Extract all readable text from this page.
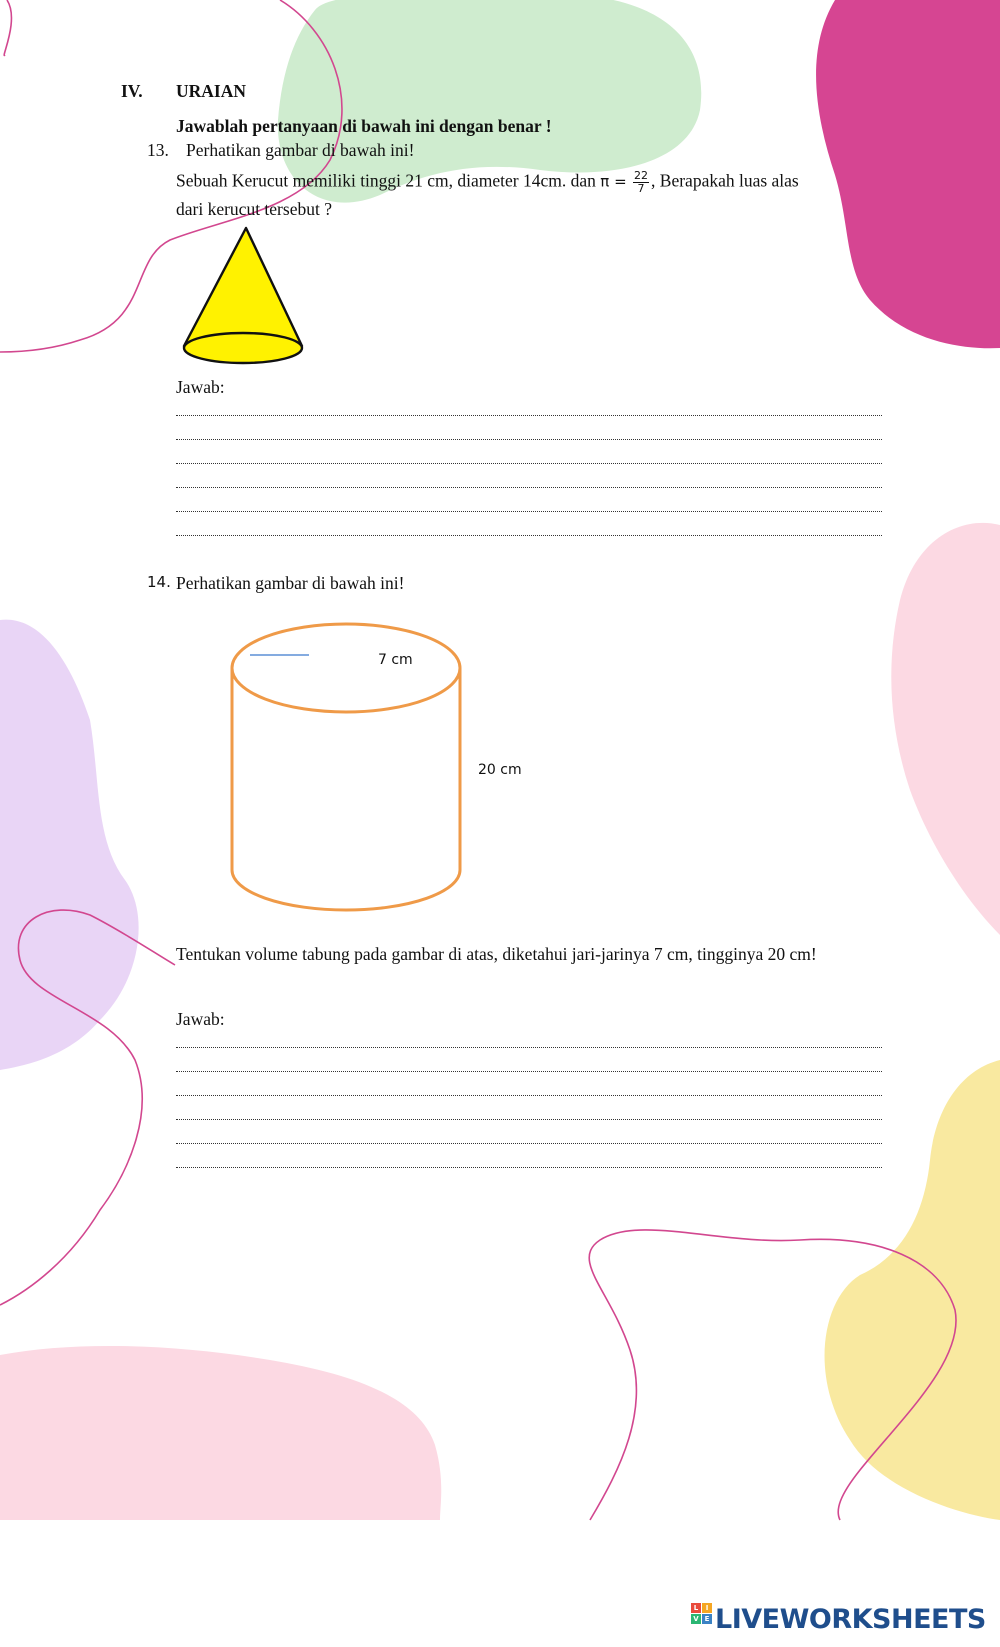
IV. URAIAN
Jawablah pertanyaan di bawah ini dengan benar !
13. Perhatikan gambar di bawah ini!
Sebuah Kerucut memiliki tinggi 21 cm, diameter 14cm. dan $\pi = \frac{22}{7}$ , Berapakah luas alas
dari kerucut tersebut ?
Jawab:
14. Perhatikan gambar di bawah ini!
7 cm
20 cm
Tentukan volume tabung pada gambar di atas, diketahui jari-jarinya 7 cm, tingginya 20 cm!
Jawab:
L	I
V E LIVEWORKSHEETS
